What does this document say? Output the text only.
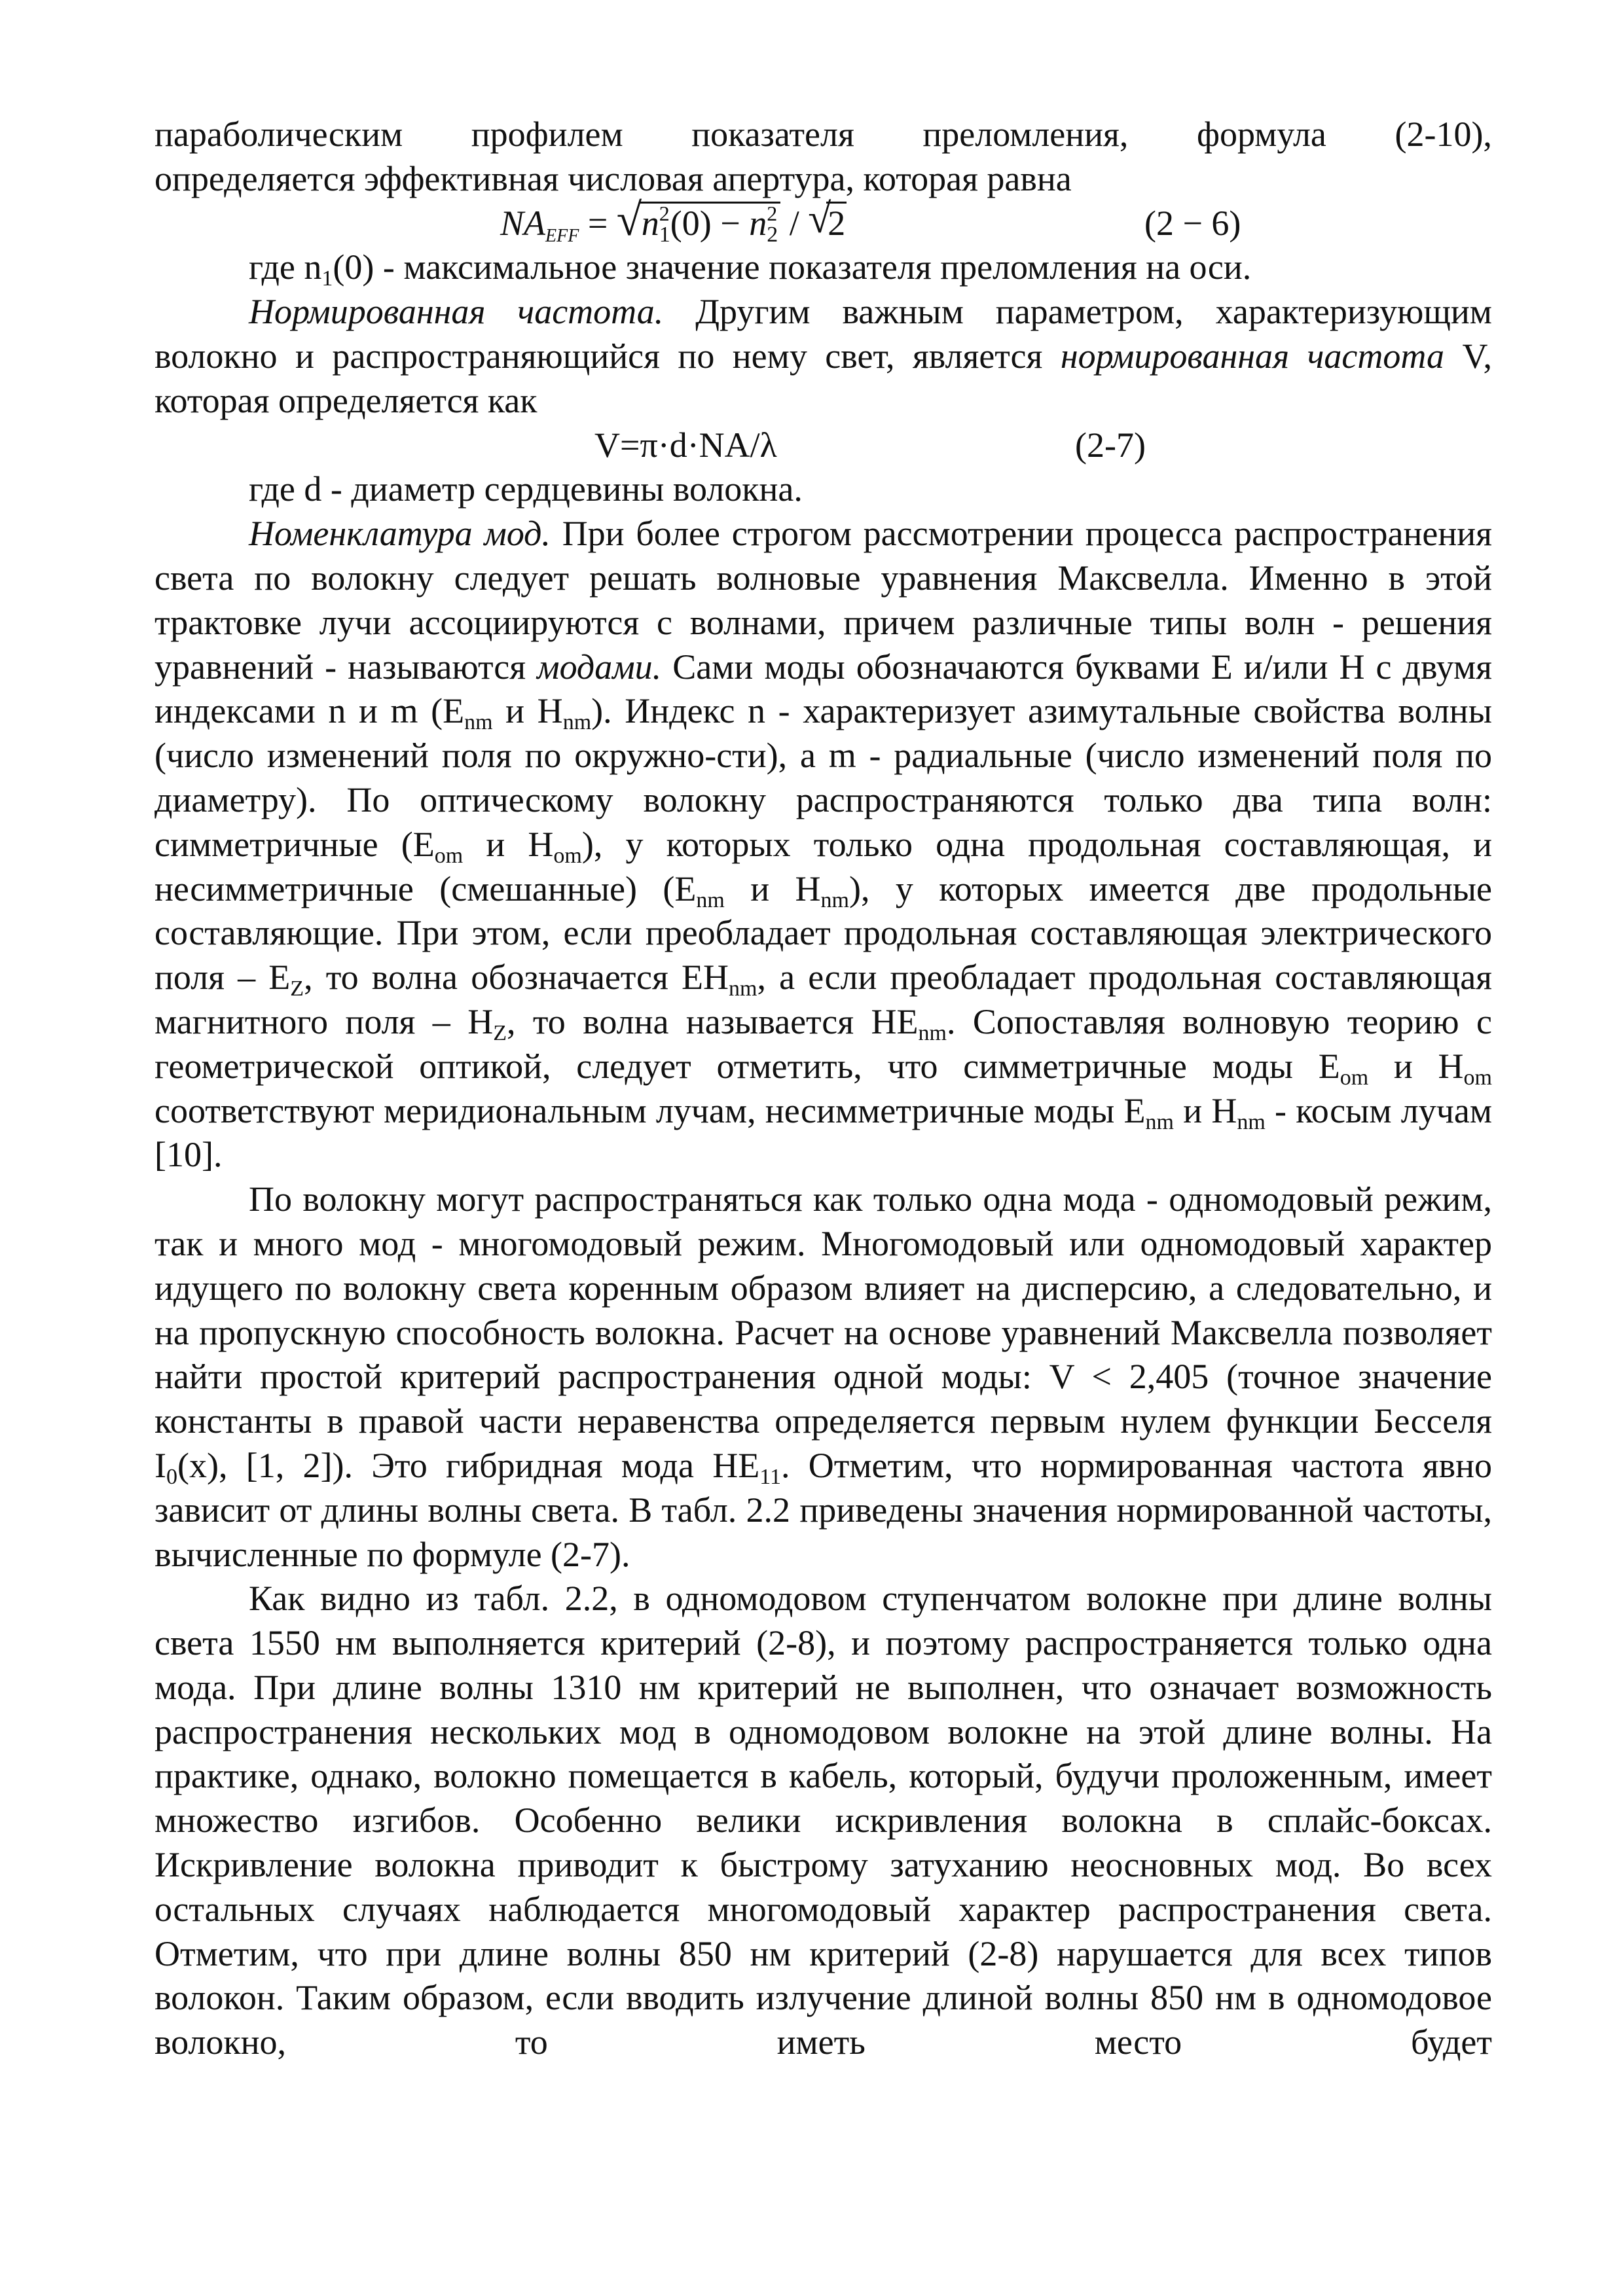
параболическим профилем показателя преломления, формула (2-10),

определяется эффективная числовая апертура, которая равна

$NA_{EFF}$ = √ $n^2_1(0) - n^2_2$ / √
2	(2 − 6)

где $n_1(0)$ - максимальное значение показателя преломления на оси.

Нормированная частота. Другим важным параметром, характеризующим волокно и распространяющийся по нему свет, является нормированная частота V, которая определяется как

V=π·d·NA/λ	(2-7)

где d - диаметр сердцевины волокна.

Номенклатура мод. При более строгом рассмотрении процесса распространения света по волокну следует решать волновые уравнения Максвелла. Именно в этой трактовке лучи ассоциируются с волнами, причем различные типы волн - решения уравнений - называются модами. Сами моды обозначаются буквами E и/или H с двумя индексами n и m ($E_{nm}$ и $H_{nm}$). Индекс n - характеризует азимутальные свойства волны (число изменений поля по окружно-сти), а m - радиальные (число изменений поля по диаметру). По оптическому волокну распространяются только два типа волн: симметричные ($E_{om}$ и $H_{om}$), у которых только одна продольная составляющая, и несимметричные (смешанные) ($E_{nm}$ и $H_{nm}$), у которых имеется две продольные составляющие. При этом, если преобладает продольная составляющая электрического поля – $E_Z$, то волна обозначается $EH_{nm}$, а если преобладает продольная составляющая магнитного поля – $H_Z$, то волна называется $HE_{nm}$. Сопоставляя волновую теорию с геометрической оптикой, следует отметить, что симметричные моды $E_{om}$ и $H_{om}$ соответствуют меридиональным лучам, несимметричные моды $E_{nm}$ и $H_{nm}$ - косым лучам [10].

По волокну могут распространяться как только одна мода - одномодовый режим, так и много мод - многомодовый режим. Многомодовый или одномодовый характер идущего по волокну света коренным образом влияет на дисперсию, а следовательно, и на пропускную способность волокна. Расчет на основе уравнений Максвелла позволяет найти простой критерий распространения одной моды: V < 2,405 (точное значение константы в правой части неравенства определяется первым нулем функции Бесселя $I_0(x)$, [1, 2]). Это гибридная мода $HE_{11}$. Отметим, что нормированная частота явно зависит от длины волны света. В табл. 2.2 приведены значения нормированной частоты, вычисленные по формуле (2-7).

Как видно из табл. 2.2, в одномодовом ступенчатом волокне при длине волны света 1550 нм выполняется критерий (2-8), и поэтому распространяется только одна мода. При длине волны 1310 нм критерий не выполнен, что означает возможность распространения нескольких мод в одномодовом волокне на этой длине волны. На практике, однако, волокно помещается в кабель, который, будучи проложенным, имеет множество изгибов. Особенно велики искривления волокна в сплайс-боксах. Искривление волокна приводит к быстрому затуханию неосновных мод. Во всех остальных случаях наблюдается многомодовый характер распространения света. Отметим, что при длине волны 850 нм критерий (2-8) нарушается для всех типов волокон. Таким образом, если вводить излучение длиной волны 850 нм в одномодовое волокно, то иметь место будет
